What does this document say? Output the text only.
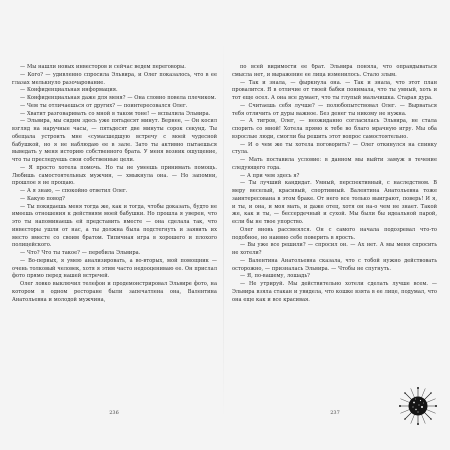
— Мы нашли новых инвесторов и сейчас ведем переговоры.

— Кого? — удивленно спросила Эльвира, и Олег показалось, что в ее глазах мелькнуло разочарование.

— Конфиденциальная информация.

— Конфиденциальная даже для меня? — Она словно повела плечиком.

— Чем ты отличаешься от других? — поинтересовался Олег.

— Хватит разговаривать со мной в таком тоне! — вспылила Эльвира.

— Эльвира, мы сидим здесь уже пятьдесят минут. Вернее, — Он косил взгляд на наручные часы, — пятьдесят две минуты сорок секунд. Ты обещала устроить мне «сумасшедшую встречу с моей чудесной бабушкой, но я не наблюдаю ее в зале. Зато ты активно пытаешься выведать у меня историю собственного брата. У меня возник ощущение, что ты преследуешь свои собственные цели.

— Я просто хотела помочь. Но ты не умеешь принимать помощь. Любишь самостоятельных мужчин, — хмыкнула она. — Но запомни, прошлое я не прощаю.

— А я знаю, — спокойно ответил Олег.

— Какую повод?

— Ты покидаешь меня тогда же, как и тогда, чтобы доказать, будто не имеешь отношения к действиям моей бабушки. Но прошла я уверен, что это ты напоминаешь ей представить вместе — она сделала так, что инвесторы ушли от нас, а ты должна была подстегнуть и заявить их место вместе со своим братом. Типичная игра в хорошего и плохого полицейского.

— Что? Что ты такое? — перебила Эльвира.

— Во-первых, я умею анализировать, а во-вторых, мой помощник — очень толковый человек, хотя я этим часто недооцениваю ее. Он прислал фото прямо перед нашей встречей.

Олег ловко выключил телефон и продемонстрировал Эльвире фото, на котором в одном ресторане были запечатлена она, Валентина Анатольевна и молодой мужчина,

по всей видимости ее брат. Эльвира поняла, что оправдываться смысла нет, и выражение ее лица изменилось. Стало злым.

— Так и знала, — фыркнула она. — Так и знала, что этот план провалится. Я в отличие от твоей бабки понимала, что ты умный, хоть и тот еще осел. А она все думает, что ты глупый мальчишка. Старая дура.

— Считаешь себя лучше? — полюбопытствовал Олег. — Вырваться тебя отличить от дуры важное. Без денег ты никому не нужна.

— А тигров, Олег, — неожиданно согласилась Эльвира, не стала спорить со мной! Хотела прямо к тебе во благо мрачную игру. Мы оба взрослые люди, смогли бы решить этот вопрос самостоятельно.

— И о чем же ты хотела поговорить? — Олег откинулся на спинку стула.

— Мать поставила условие: в данном мы выйти замуж в течение следующего года.

— А при чем здесь я?

— Ты лучший кандидат. Умный, перспективный, с наследством. В меру веселый, красивый, спортивный. Валентина Анатольевна тоже заинтересована в этом браке. От него все только выиграют, поверь! И я, и ты, и она, и моя мать, и даже отец, хотя он на-о чем не знает. Такой же, как и ты, — бессердечный и сухой. Мы были бы идеальной парой, если бы не твое упорство.

Олег вновь рассмеялся. Он с самого начала подозревал что-то подобное, но наивно себе поверить в ярость.

— Вы уже все решили? — спросил он. — Ах нет. А мы меня спросить не хотели?

— Валентина Анатольевна сказала, что с тобой нужно действовать осторожно, — призналась Эльвира. — Чтобы не спугнуть.

— Я, по-вашему, лошадь?

— Не утрируй. Мы действительно хотели сделать лучше всем. — Эльвира взяла стакан и увидела, что кошке взята в ее лице, подумал, что она еще как и все красивая.

236	237
